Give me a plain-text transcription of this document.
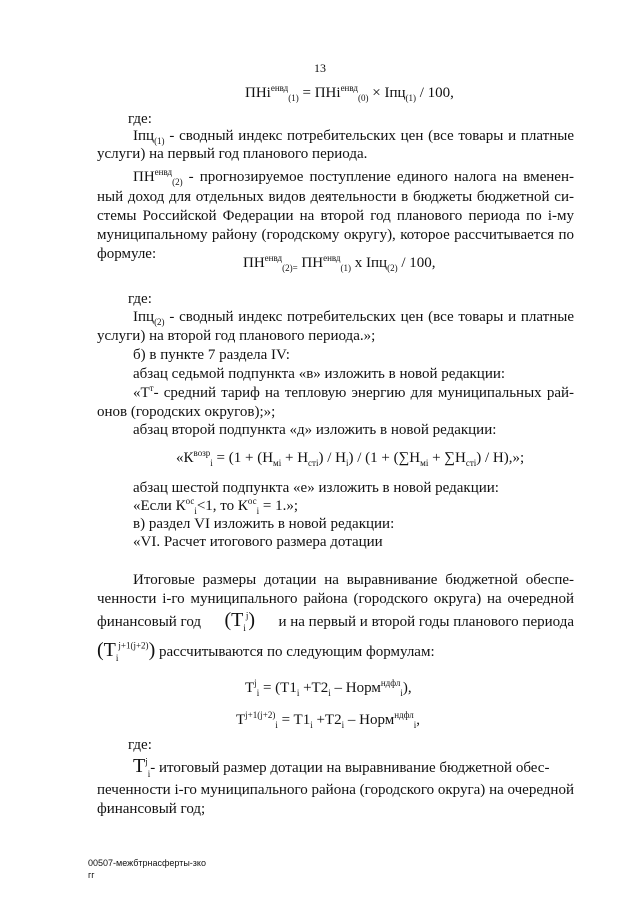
13
ПНi$^{енвд}_{(1)}$ = ПНi$^{енвд}_{(0)}$ × Iпц$_{(1)}$ / 100,
где:
Iпц$_{(1)}$ - сводный индекс потребительских цен (все товары и платные
услуги) на первый год планового периода.
$ПН^{енвд}_{(2)}$ - прогнозируемое поступление единого налога на вменен-
ный доход для отдельных видов деятельности в бюджеты бюджетной си-
стемы Российской Федерации на второй год планового периода по i-му
муниципальному району (городскому округу), которое рассчитывается по
формуле:
$ПН^{енвд}_{(2)=}$ $ПН^{енвд}_{(1)}$ x Iпц$_{(2)}$ / 100,
где:
Iпц$_{(2)}$ - сводный индекс потребительских цен (все товары и платные
услуги) на второй год планового периода.»;
б) в пункте 7 раздела IV:
абзац седьмой подпункта «в» изложить в новой редакции:
«$Т^т-$ средний тариф на тепловую энергию для муниципальных рай-
онов (городских округов);»;
абзац второй подпункта «д» изложить в новой редакции:
«$К^{возр}_i = (1 + (Н_{мi} + Н_{стi}) / Н_i) / (1 + (\sum Н_{мi} + \sum Н_{стi}) / Н)$,»;
абзац шестой подпункта «е» изложить в новой редакции:
«Если $К^{ос}_i<1$, то $К^{ос}_i = 1$.»;
в) раздел VI изложить в новой редакции:
«VI. Расчет итогового размера дотации
Итоговые размеры дотации на выравнивание бюджетной обеспе-
ченности i-го муниципального района (городского округа) на очередной
финансовый год $(T_i^j)$ и на первый и второй годы планового периода
$(T_i^{j+1(j+2)})$ рассчитываются по следующим формулам:
$T^j_i = (T1_i +T2_i$ – Норм$^{ндфл}_i$),
$T^{j+1(j+2)}_i = T1_i +T2_i$ – Норм$^{ндфл}_i$,
где:
$T^j_i$ - итоговый размер дотации на выравнивание бюджетной обес-
печенности i-го муниципального района (городского округа) на очередной
финансовый год;
00507-межбтрнасферты-зко
гг
